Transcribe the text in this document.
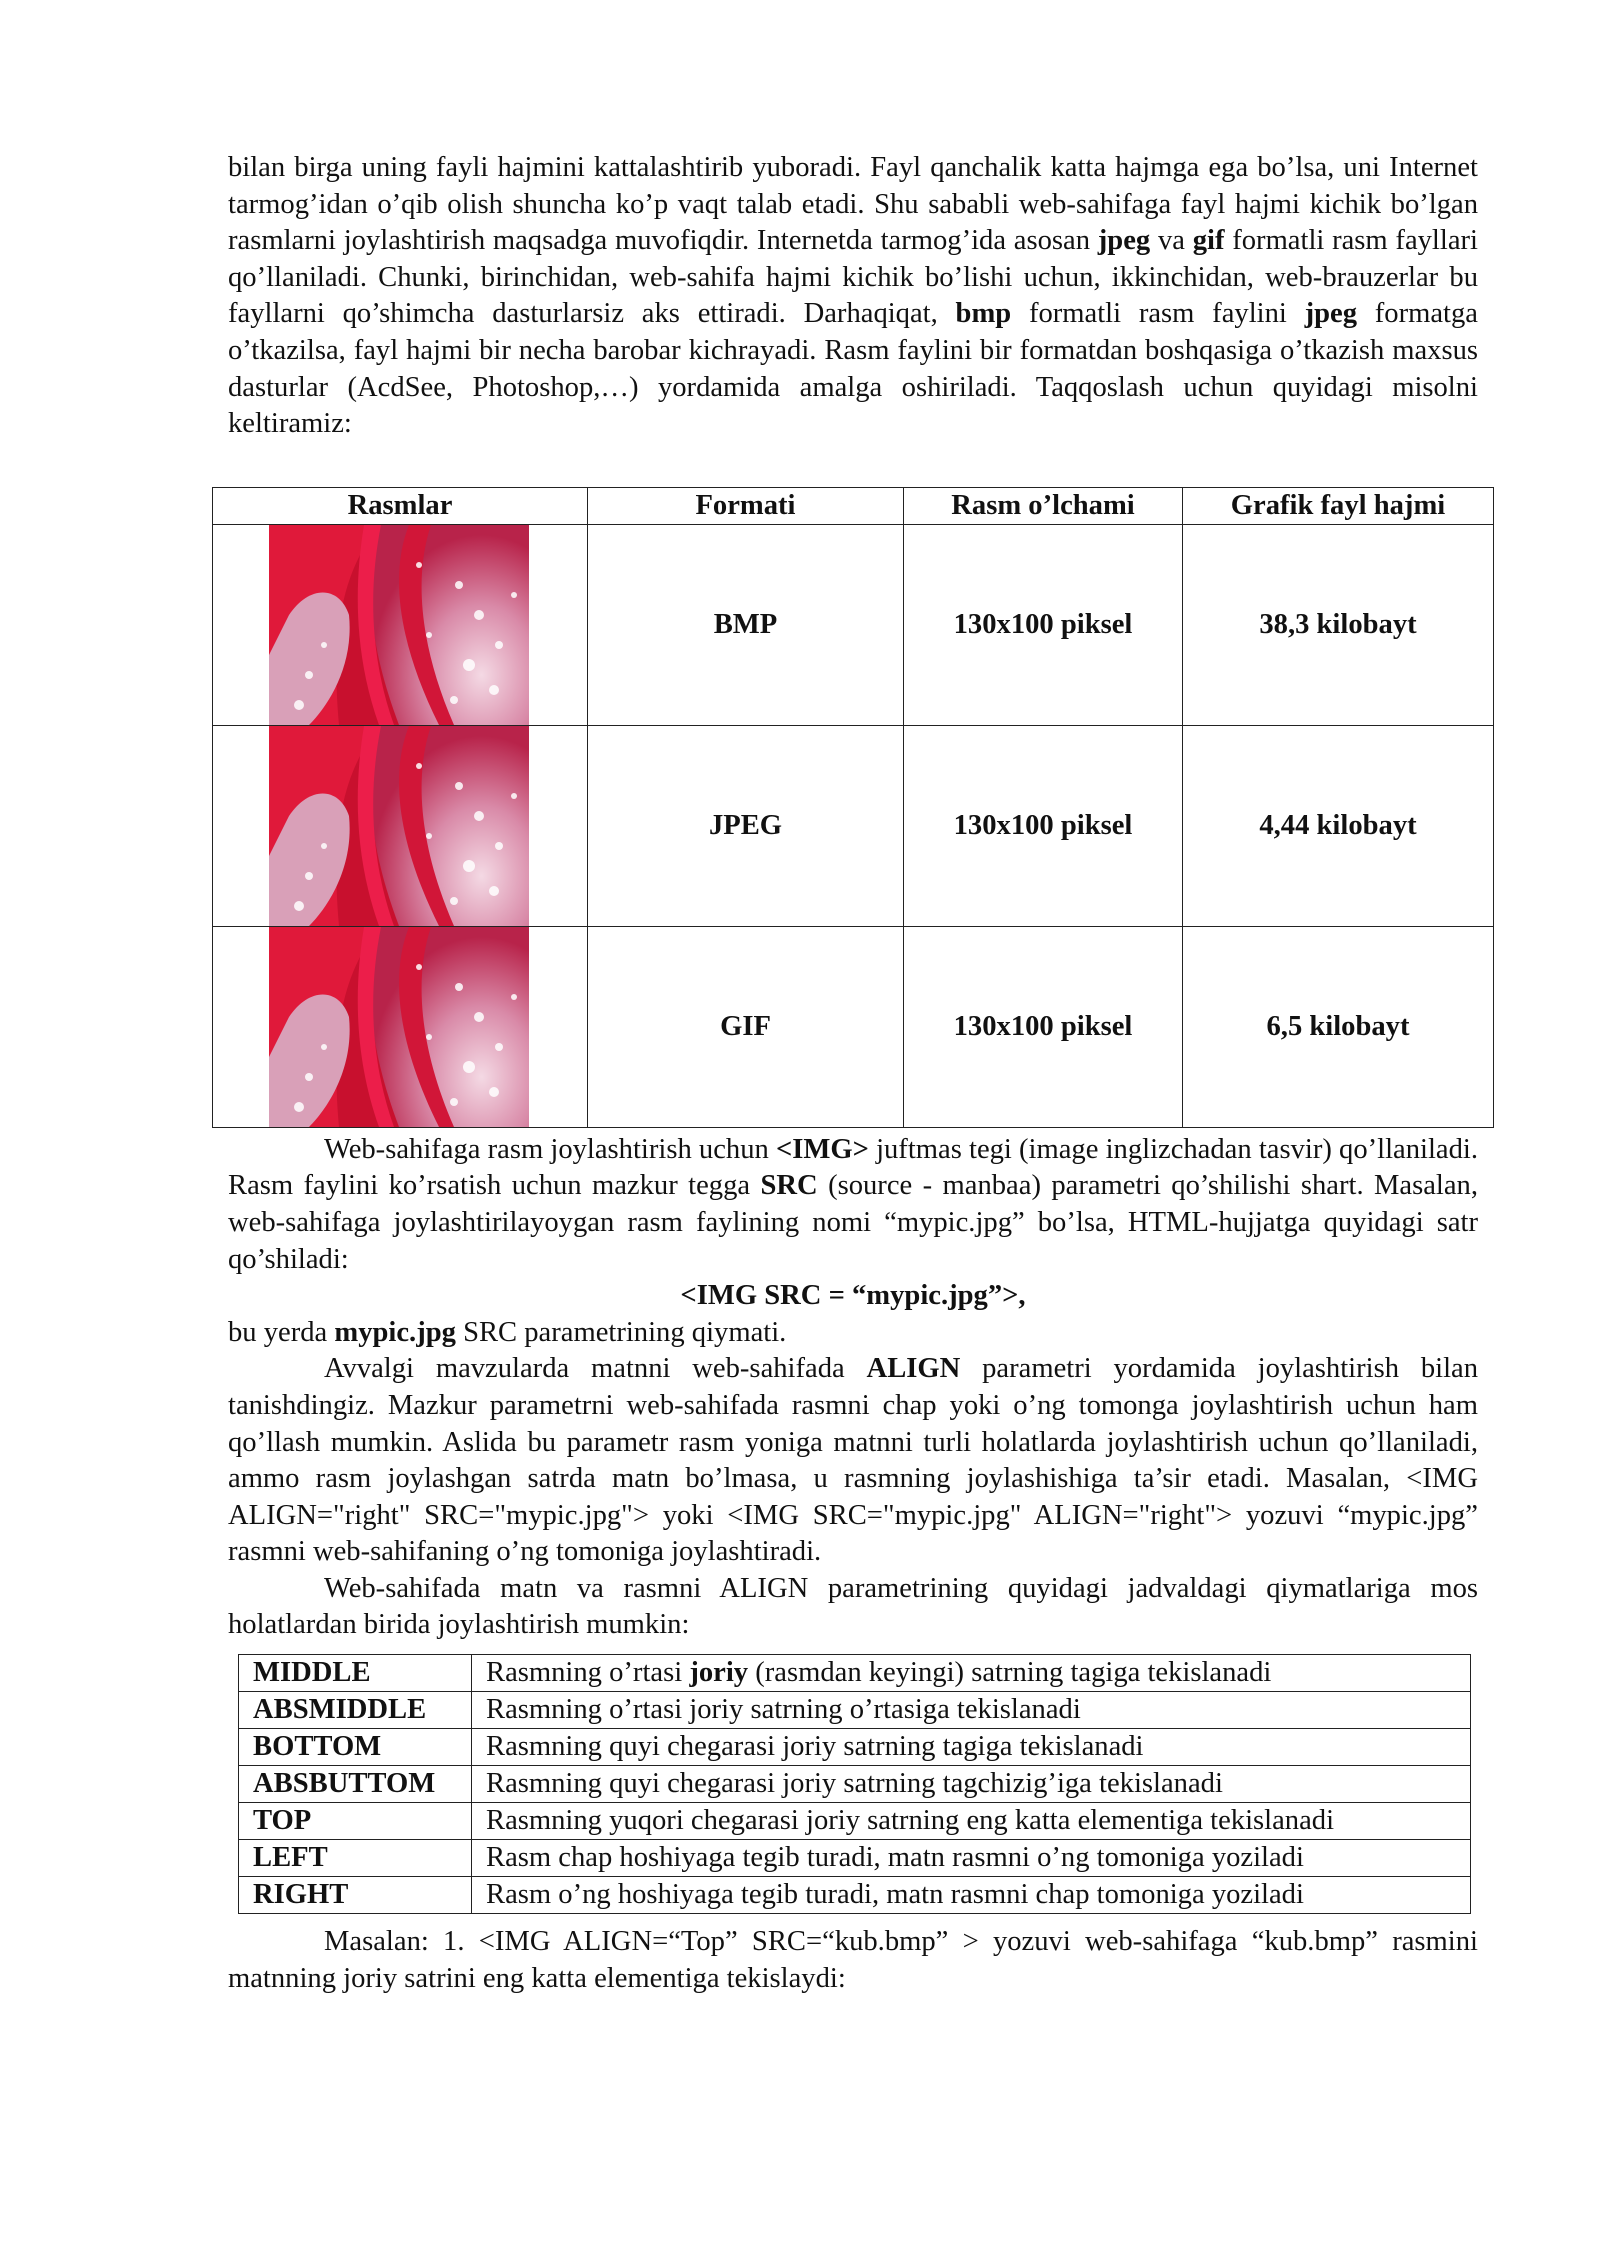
bilan birga uning fayli hajmini kattalashtirib yuboradi. Fayl qanchalik katta hajmga ega bo’lsa, uni Internet tarmog’idan o’qib olish shuncha ko’p vaqt talab etadi. Shu sababli web-sahifaga fayl hajmi kichik bo’lgan rasmlarni joylashtirish maqsadga muvofiqdir. Internetda tarmog’ida asosan jpeg va gif formatli rasm fayllari qo’llaniladi. Chunki, birinchidan, web-sahifa hajmi kichik bo’lishi uchun, ikkinchidan, web-brauzerlar bu fayllarni qo’shimcha dasturlarsiz aks ettiradi. Darhaqiqat, bmp formatli rasm faylini jpeg formatga o’tkazilsa, fayl hajmi bir necha barobar kichrayadi. Rasm faylini bir formatdan boshqasiga o’tkazish maxsus dasturlar (AcdSee, Photoshop,…) yordamida amalga oshiriladi. Taqqoslash uchun quyidagi misolni keltiramiz:

Rasmlar	Formati	Rasm o’lchami	Grafik fayl hajmi

	BMP	130x100 piksel	38,3 kilobayt

	JPEG	130x100 piksel	4,44 kilobayt

	GIF	130x100 piksel	6,5 kilobayt

Web-sahifaga rasm joylashtirish uchun <IMG> juftmas tegi (image inglizchadan tasvir) qo’llaniladi. Rasm faylini ko’rsatish uchun mazkur tegga SRC (source - manbaa) parametri qo’shilishi shart. Masalan, web-sahifaga joylashtirilayoygan rasm faylining nomi “mypic.jpg” bo’lsa, HTML-hujjatga quyidagi satr qo’shiladi:

<IMG SRC = “mypic.jpg”>,

bu yerda mypic.jpg SRC parametrining qiymati.

Avvalgi mavzularda matnni web-sahifada ALIGN parametri yordamida joylashtirish bilan tanishdingiz. Mazkur parametrni web-sahifada rasmni chap yoki o’ng tomonga joylashtirish uchun ham qo’llash mumkin. Aslida bu parametr rasm yoniga matnni turli holatlarda joylashtirish uchun qo’llaniladi, ammo rasm joylashgan satrda matn bo’lmasa, u rasmning joylashishiga ta’sir etadi. Masalan, <IMG ALIGN="right" SRC="mypic.jpg"> yoki <IMG SRC="mypic.jpg" ALIGN="right"> yozuvi “mypic.jpg” rasmni web-sahifaning o’ng tomoniga joylashtiradi.

Web-sahifada matn va rasmni ALIGN parametrining quyidagi jadvaldagi qiymatlariga mos holatlardan birida joylashtirish mumkin:

MIDDLE	Rasmning o’rtasi joriy (rasmdan keyingi) satrning tagiga tekislanadi
ABSMIDDLE	Rasmning o’rtasi joriy satrning o’rtasiga tekislanadi
BOTTOM	Rasmning quyi chegarasi joriy satrning tagiga tekislanadi
ABSBUTTOM	Rasmning quyi chegarasi joriy satrning tagchizig’iga tekislanadi
TOP	Rasmning yuqori chegarasi joriy satrning eng katta elementiga tekislanadi
LEFT	Rasm chap hoshiyaga tegib turadi, matn rasmni o’ng tomoniga yoziladi
RIGHT	Rasm o’ng hoshiyaga tegib turadi, matn rasmni chap tomoniga yoziladi

Masalan: 1. <IMG ALIGN=“Top” SRC=“kub.bmp” > yozuvi web-sahifaga “kub.bmp” rasmini matnning joriy satrini eng katta elementiga tekislaydi:
